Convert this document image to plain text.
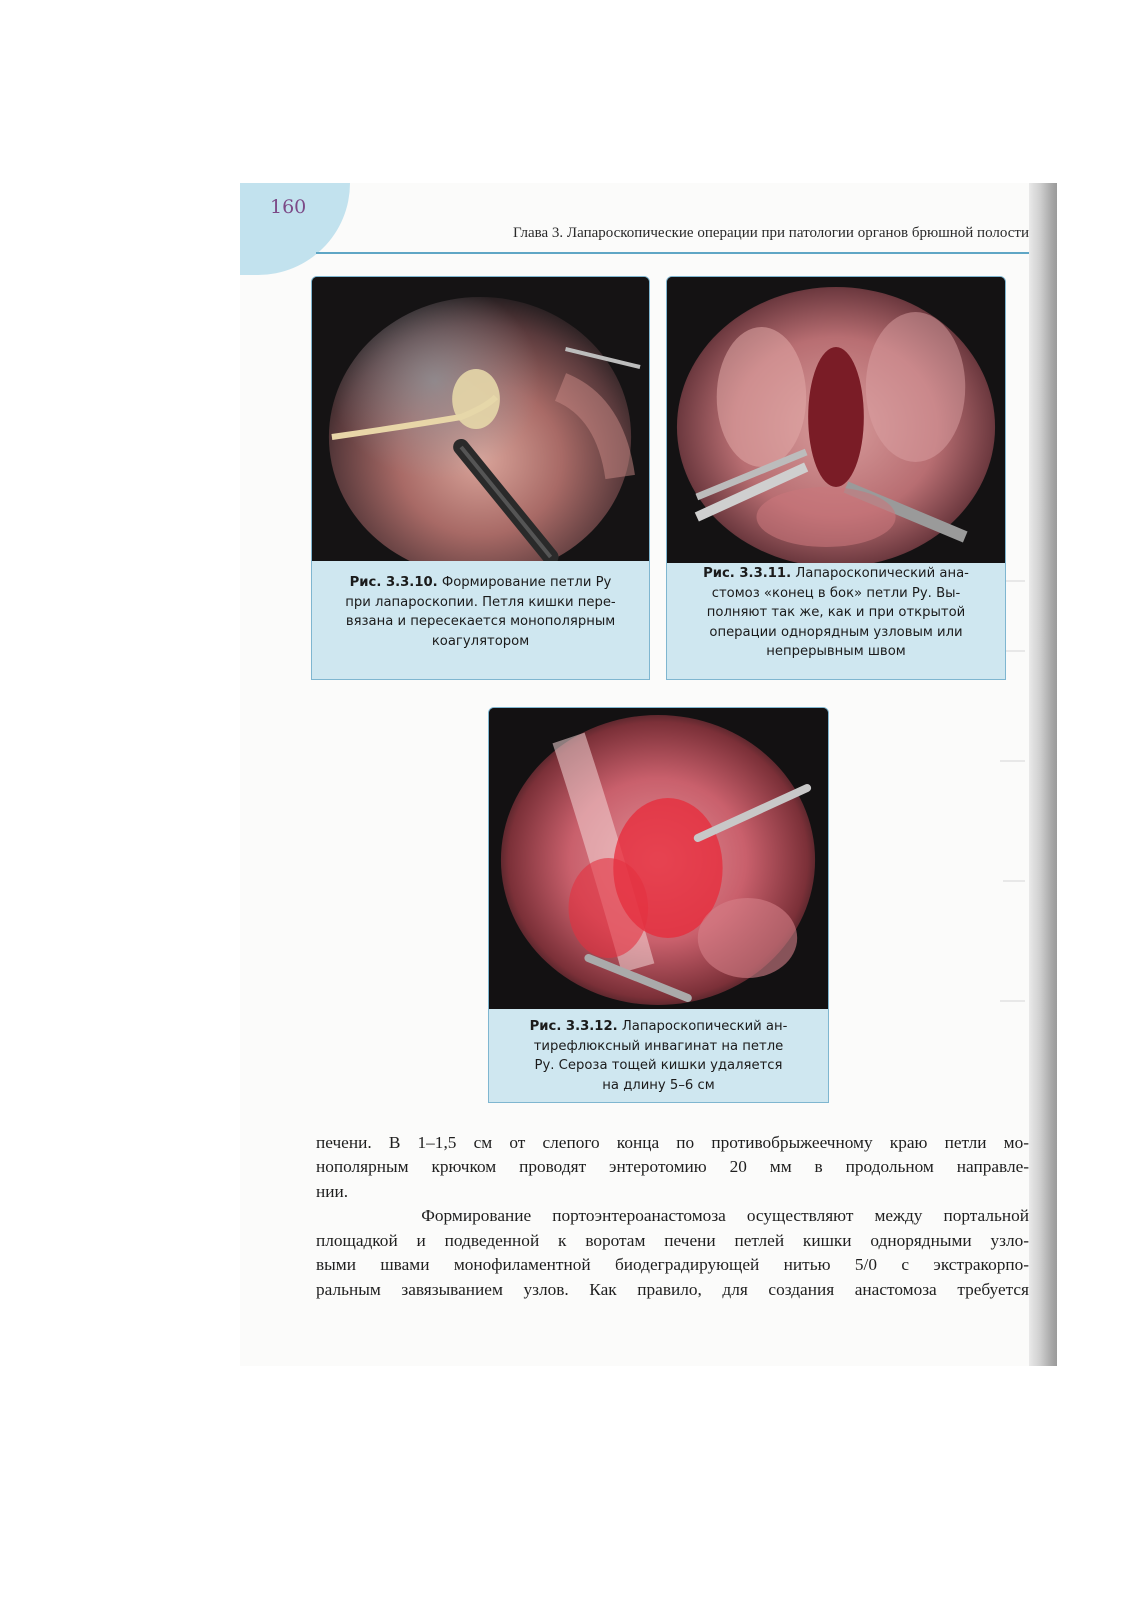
160
Глава 3. Лапароскопические операции при патологии органов брюшной полости
Рис. 3.3.10. Формирование петли Ру
при лапароскопии. Петля кишки пере-
вязана и пересекается монополярным
коагулятором
Рис. 3.3.11. Лапароскопический ана-
стомоз «конец в бок» петли Ру. Вы-
полняют так же, как и при открытой
операции однорядным узловым или
непрерывным швом
Рис. 3.3.12. Лапароскопический ан-
тирефлюксный инвагинат на петле
Ру. Сероза тощей кишки удаляется
на длину 5–6 см

печени. В 1–1,5 см от слепого конца по противобрыжеечному краю петли мо-

нополярным крючком проводят энтеротомию 20 мм в продольном направле-

нии.

Формирование портоэнтероанастомоза осуществляют между портальной

площадкой и подведенной к воротам печени петлей кишки однорядными узло-

выми швами монофиламентной биодеградирующей нитью 5/0 с экстракорпо-

ральным завязыванием узлов. Как правило, для создания анастомоза требуется
